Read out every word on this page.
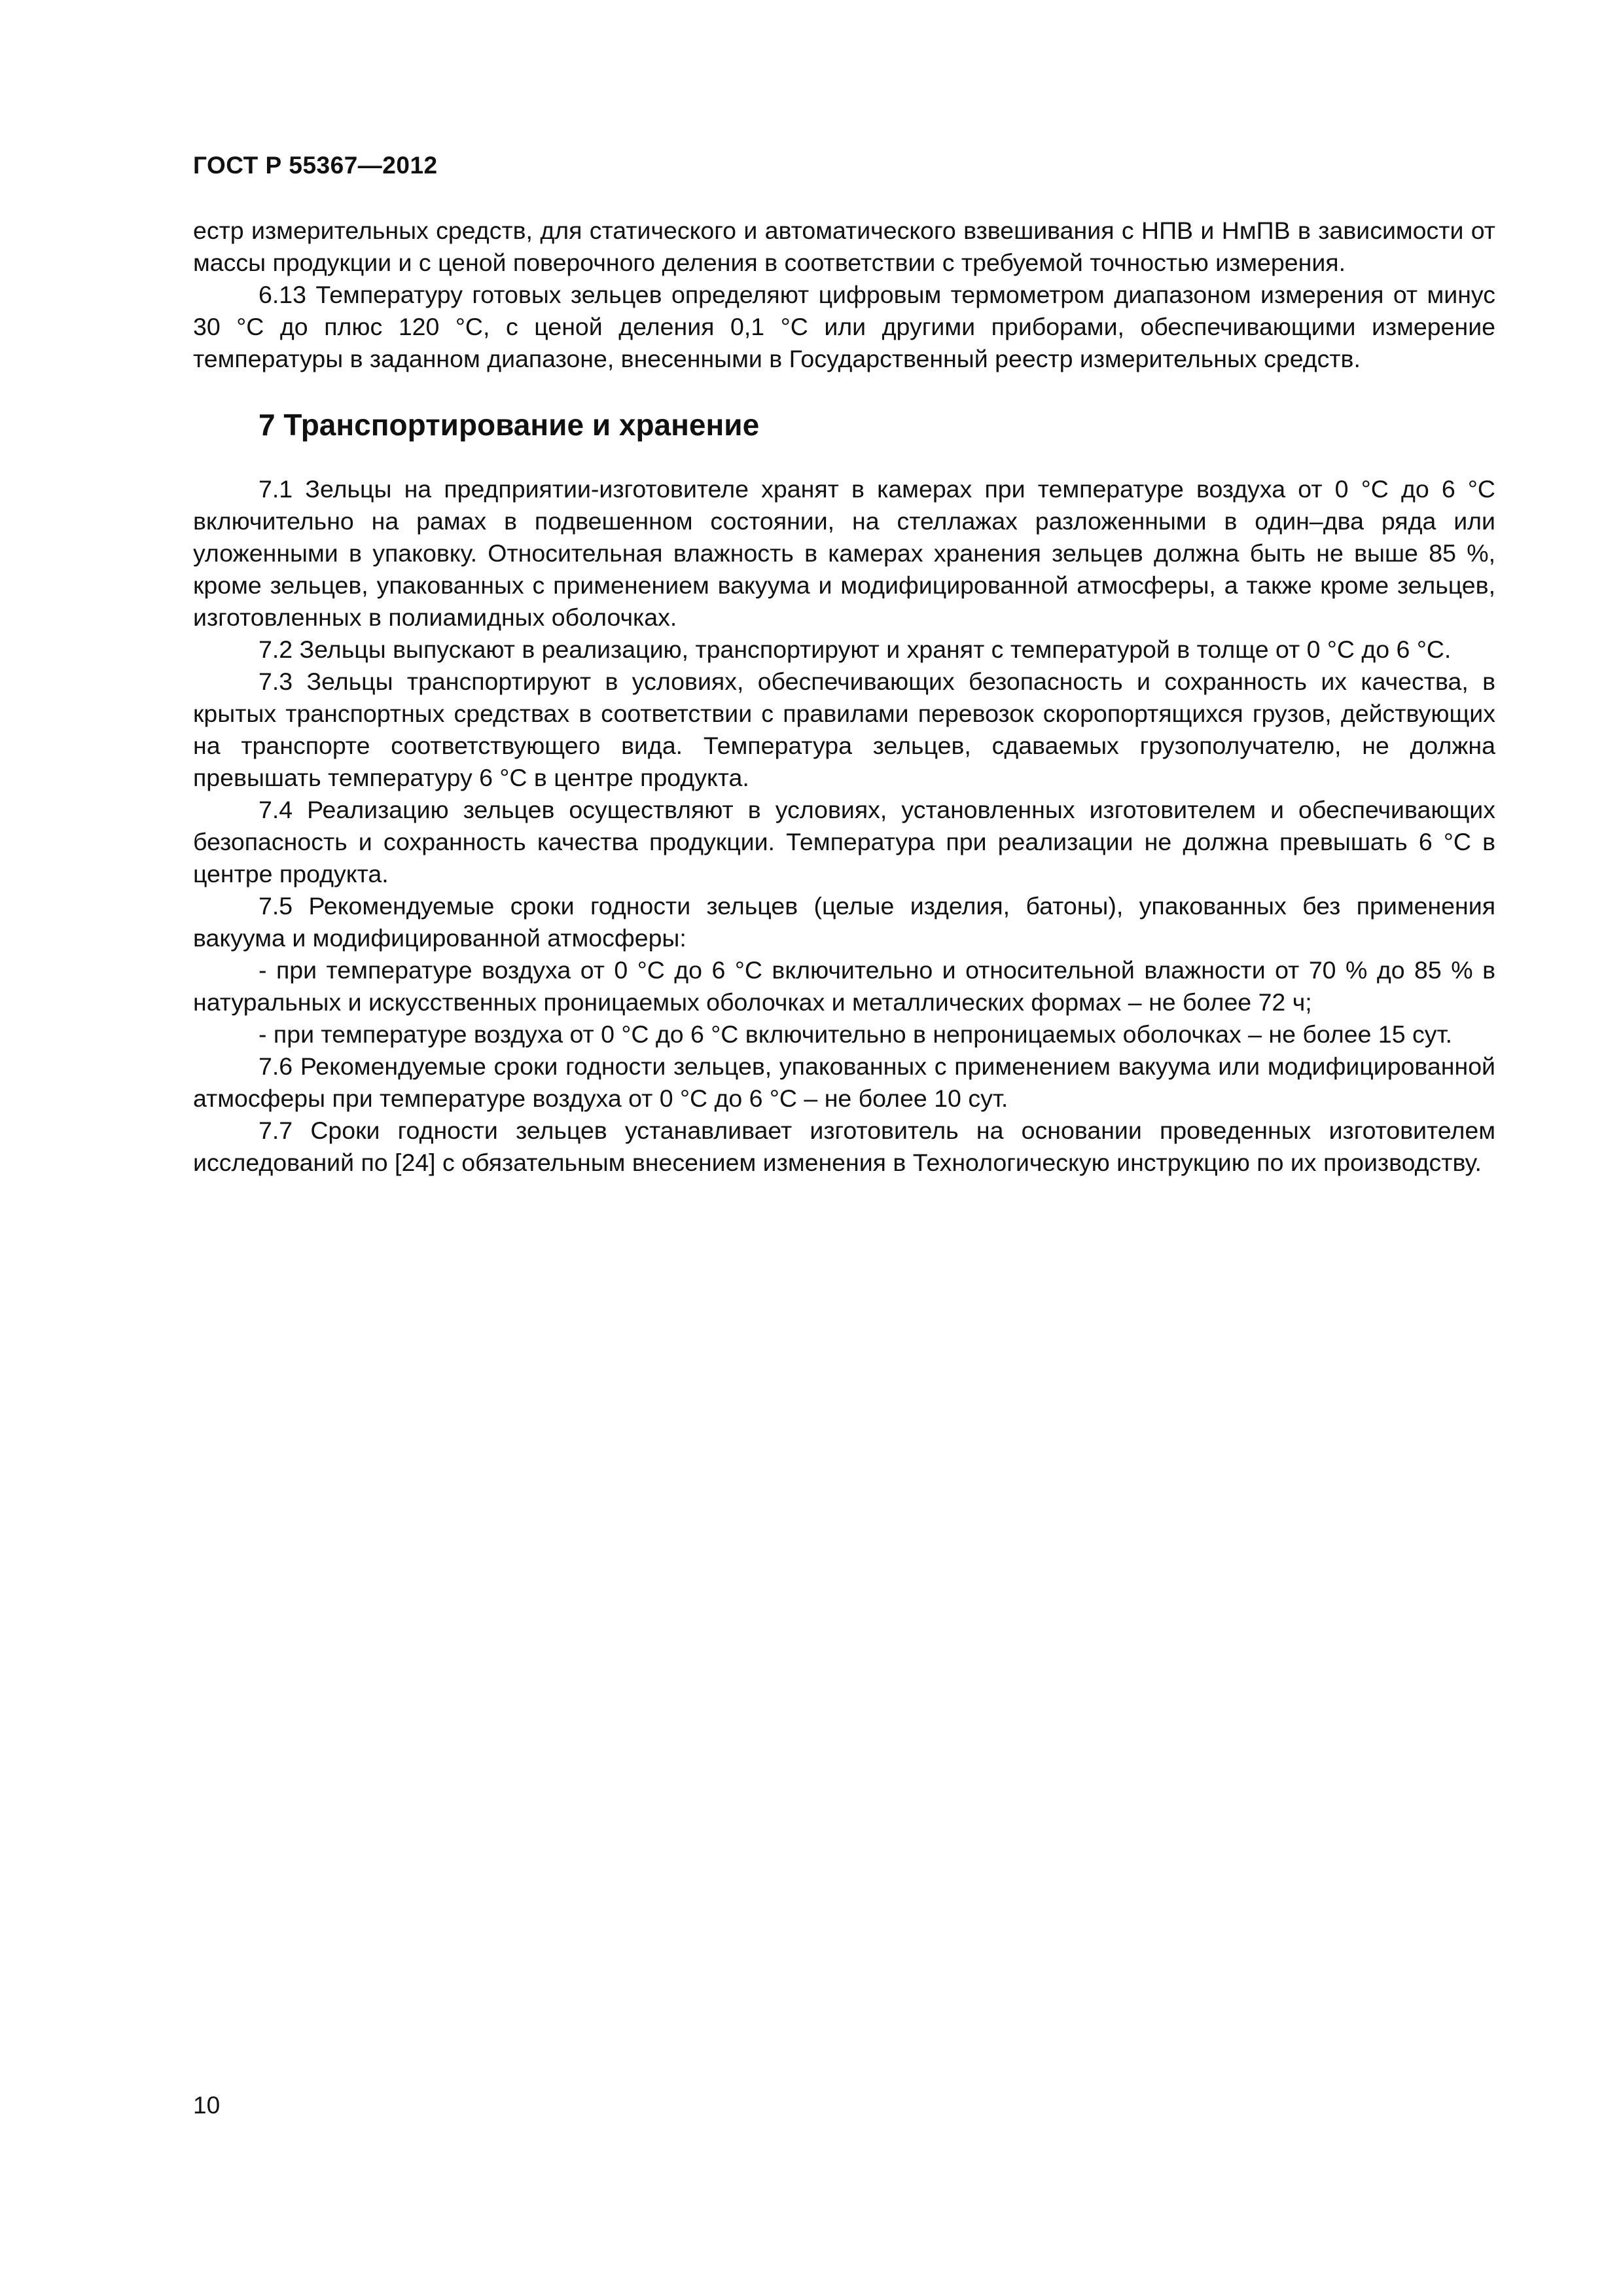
ГОСТ Р 55367—2012

естр измерительных средств, для статического и автоматического взвешивания с НПВ и НмПВ в зависимости от массы продукции и с ценой поверочного деления в соответствии с требуемой точностью измерения.

6.13 Температуру готовых зельцев определяют цифровым термометром диапазоном измерения от минус 30 °С до плюс 120 °С, с ценой деления 0,1 °С или другими приборами, обеспечивающими измерение температуры в заданном диапазоне, внесенными в Государственный реестр измерительных средств.

7 Транспортирование и хранение

7.1 Зельцы на предприятии-изготовителе хранят в камерах при температуре воздуха от 0 °С до 6 °С включительно на рамах в подвешенном состоянии, на стеллажах разложенными в один–два ряда или уложенными в упаковку. Относительная влажность в камерах хранения зельцев должна быть не выше 85 %, кроме зельцев, упакованных с применением вакуума и модифицированной атмосферы, а также кроме зельцев, изготовленных в полиамидных оболочках.

7.2 Зельцы выпускают в реализацию, транспортируют и хранят с температурой в толще от 0 °С до 6 °С.

7.3 Зельцы транспортируют в условиях, обеспечивающих безопасность и сохранность их качества, в крытых транспортных средствах в соответствии с правилами перевозок скоропортящихся грузов, действующих на транспорте соответствующего вида. Температура зельцев, сдаваемых грузополучателю, не должна превышать температуру 6 °С в центре продукта.

7.4 Реализацию зельцев осуществляют в условиях, установленных изготовителем и обеспечивающих безопасность и сохранность качества продукции. Температура при реализации не должна превышать 6 °С в центре продукта.

7.5 Рекомендуемые сроки годности зельцев (целые изделия, батоны), упакованных без применения вакуума и модифицированной атмосферы:

- при температуре воздуха от 0 °С до 6 °С включительно и относительной влажности от 70 % до 85 % в натуральных и искусственных проницаемых оболочках и металлических формах – не более 72 ч;

- при температуре воздуха от 0 °С до 6 °С включительно в непроницаемых оболочках – не более 15 сут.

7.6 Рекомендуемые сроки годности зельцев, упакованных с применением вакуума или модифицированной атмосферы при температуре воздуха от 0 °С до 6 °С – не более 10 сут.

7.7 Сроки годности зельцев устанавливает изготовитель на основании проведенных изготовителем исследований по [24] с обязательным внесением изменения в Технологическую инструкцию по их производству.

10
